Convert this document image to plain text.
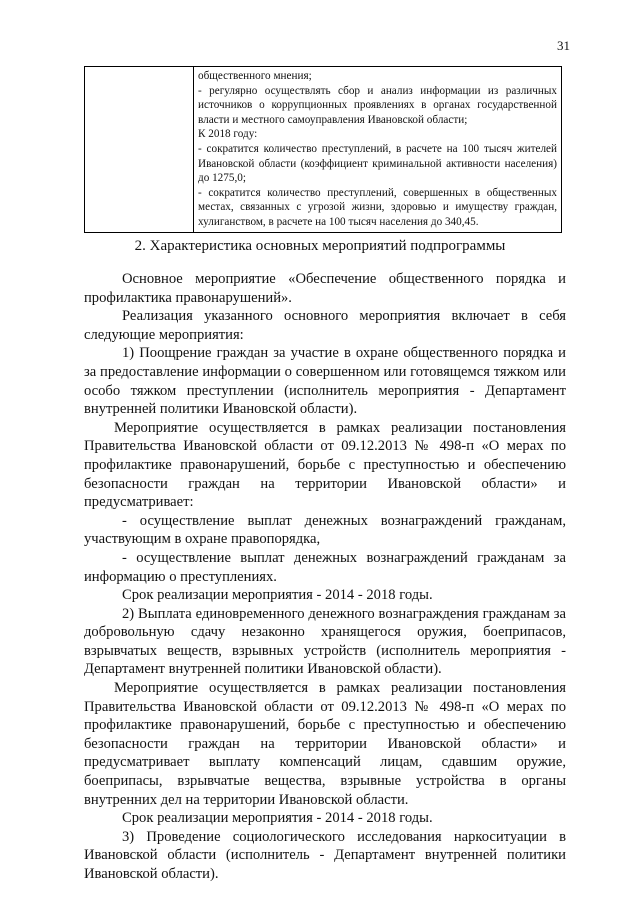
31

общественного мнения;
- регулярно осуществлять сбор и анализ информации из различных источников о коррупционных проявлениях в органах государственной власти и местного самоуправления Ивановской области;
К 2018 году:
- сократится количество преступлений, в расчете на 100 тысяч жителей Ивановской области (коэффициент криминальной активности населения) до 1275,0;
- сократится количество преступлений, совершенных в общественных местах, связанных с угрозой жизни, здоровью и имуществу граждан, хулиганством, в расчете на 100 тысяч населения до 340,45.
2. Характеристика основных мероприятий подпрограммы

Основное мероприятие «Обеспечение общественного порядка и профилактика правонарушений».

Реализация указанного основного мероприятия включает в себя следующие мероприятия:

1) Поощрение граждан за участие в охране общественного порядка и за предоставление информации о совершенном или готовящемся тяжком или особо тяжком преступлении (исполнитель мероприятия - Департамент внутренней политики Ивановской области).

Мероприятие осуществляется в рамках реализации постановления Правительства Ивановской области от 09.12.2013 № 498-п «О мерах по профилактике правонарушений, борьбе с преступностью и обеспечению безопасности граждан на территории Ивановской области» и предусматривает:

- осуществление выплат денежных вознаграждений гражданам, участвующим в охране правопорядка,

- осуществление выплат денежных вознаграждений гражданам за информацию о преступлениях.

Срок реализации мероприятия - 2014 - 2018 годы.

2) Выплата единовременного денежного вознаграждения гражданам за добровольную сдачу незаконно хранящегося оружия, боеприпасов, взрывчатых веществ, взрывных устройств (исполнитель мероприятия - Департамент внутренней политики Ивановской области).

Мероприятие осуществляется в рамках реализации постановления Правительства Ивановской области от 09.12.2013 № 498-п «О мерах по профилактике правонарушений, борьбе с преступностью и обеспечению безопасности граждан на территории Ивановской области» и предусматривает выплату компенсаций лицам, сдавшим оружие, боеприпасы, взрывчатые вещества, взрывные устройства в органы внутренних дел на территории Ивановской области.

Срок реализации мероприятия - 2014 - 2018 годы.

3) Проведение социологического исследования наркоситуации в Ивановской области (исполнитель - Департамент внутренней политики Ивановской области).
